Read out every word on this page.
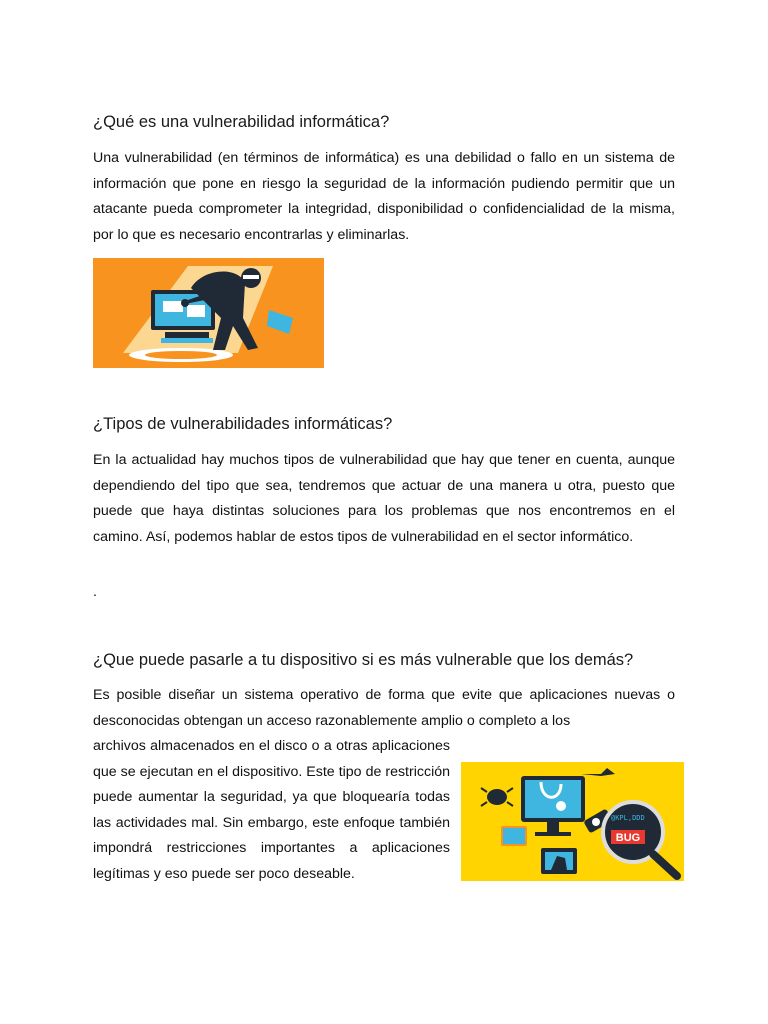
¿Qué es una vulnerabilidad informática?

Una vulnerabilidad (en términos de informática) es una debilidad o fallo en un sistema de información que pone en riesgo la seguridad de la información pudiendo permitir que un atacante pueda comprometer la integridad, disponibilidad o confidencialidad de la misma, por lo que es necesario encontrarlas y eliminarlas.

¿Tipos de vulnerabilidades informáticas?

En la actualidad hay muchos tipos de vulnerabilidad que hay que tener en cuenta, aunque dependiendo del tipo que sea, tendremos que actuar de una manera u otra, puesto que puede que haya distintas soluciones para los problemas que nos encontremos en el camino. Así, podemos hablar de estos tipos de vulnerabilidad en el sector informático.

.

¿Que puede pasarle a tu dispositivo si es más vulnerable que los demás?

Es posible diseñar un sistema operativo de forma que evite que aplicaciones nuevas o desconocidas obtengan un acceso razonablemente amplio o completo a los

archivos almacenados en el disco o a otras aplicaciones que se ejecutan en el dispositivo. Este tipo de restricción puede aumentar la seguridad, ya que bloquearía todas las actividades mal. Sin embargo, este enfoque también impondrá restricciones importantes a aplicaciones legítimas y eso puede ser poco deseable.

BUG
@KPL,DDD
